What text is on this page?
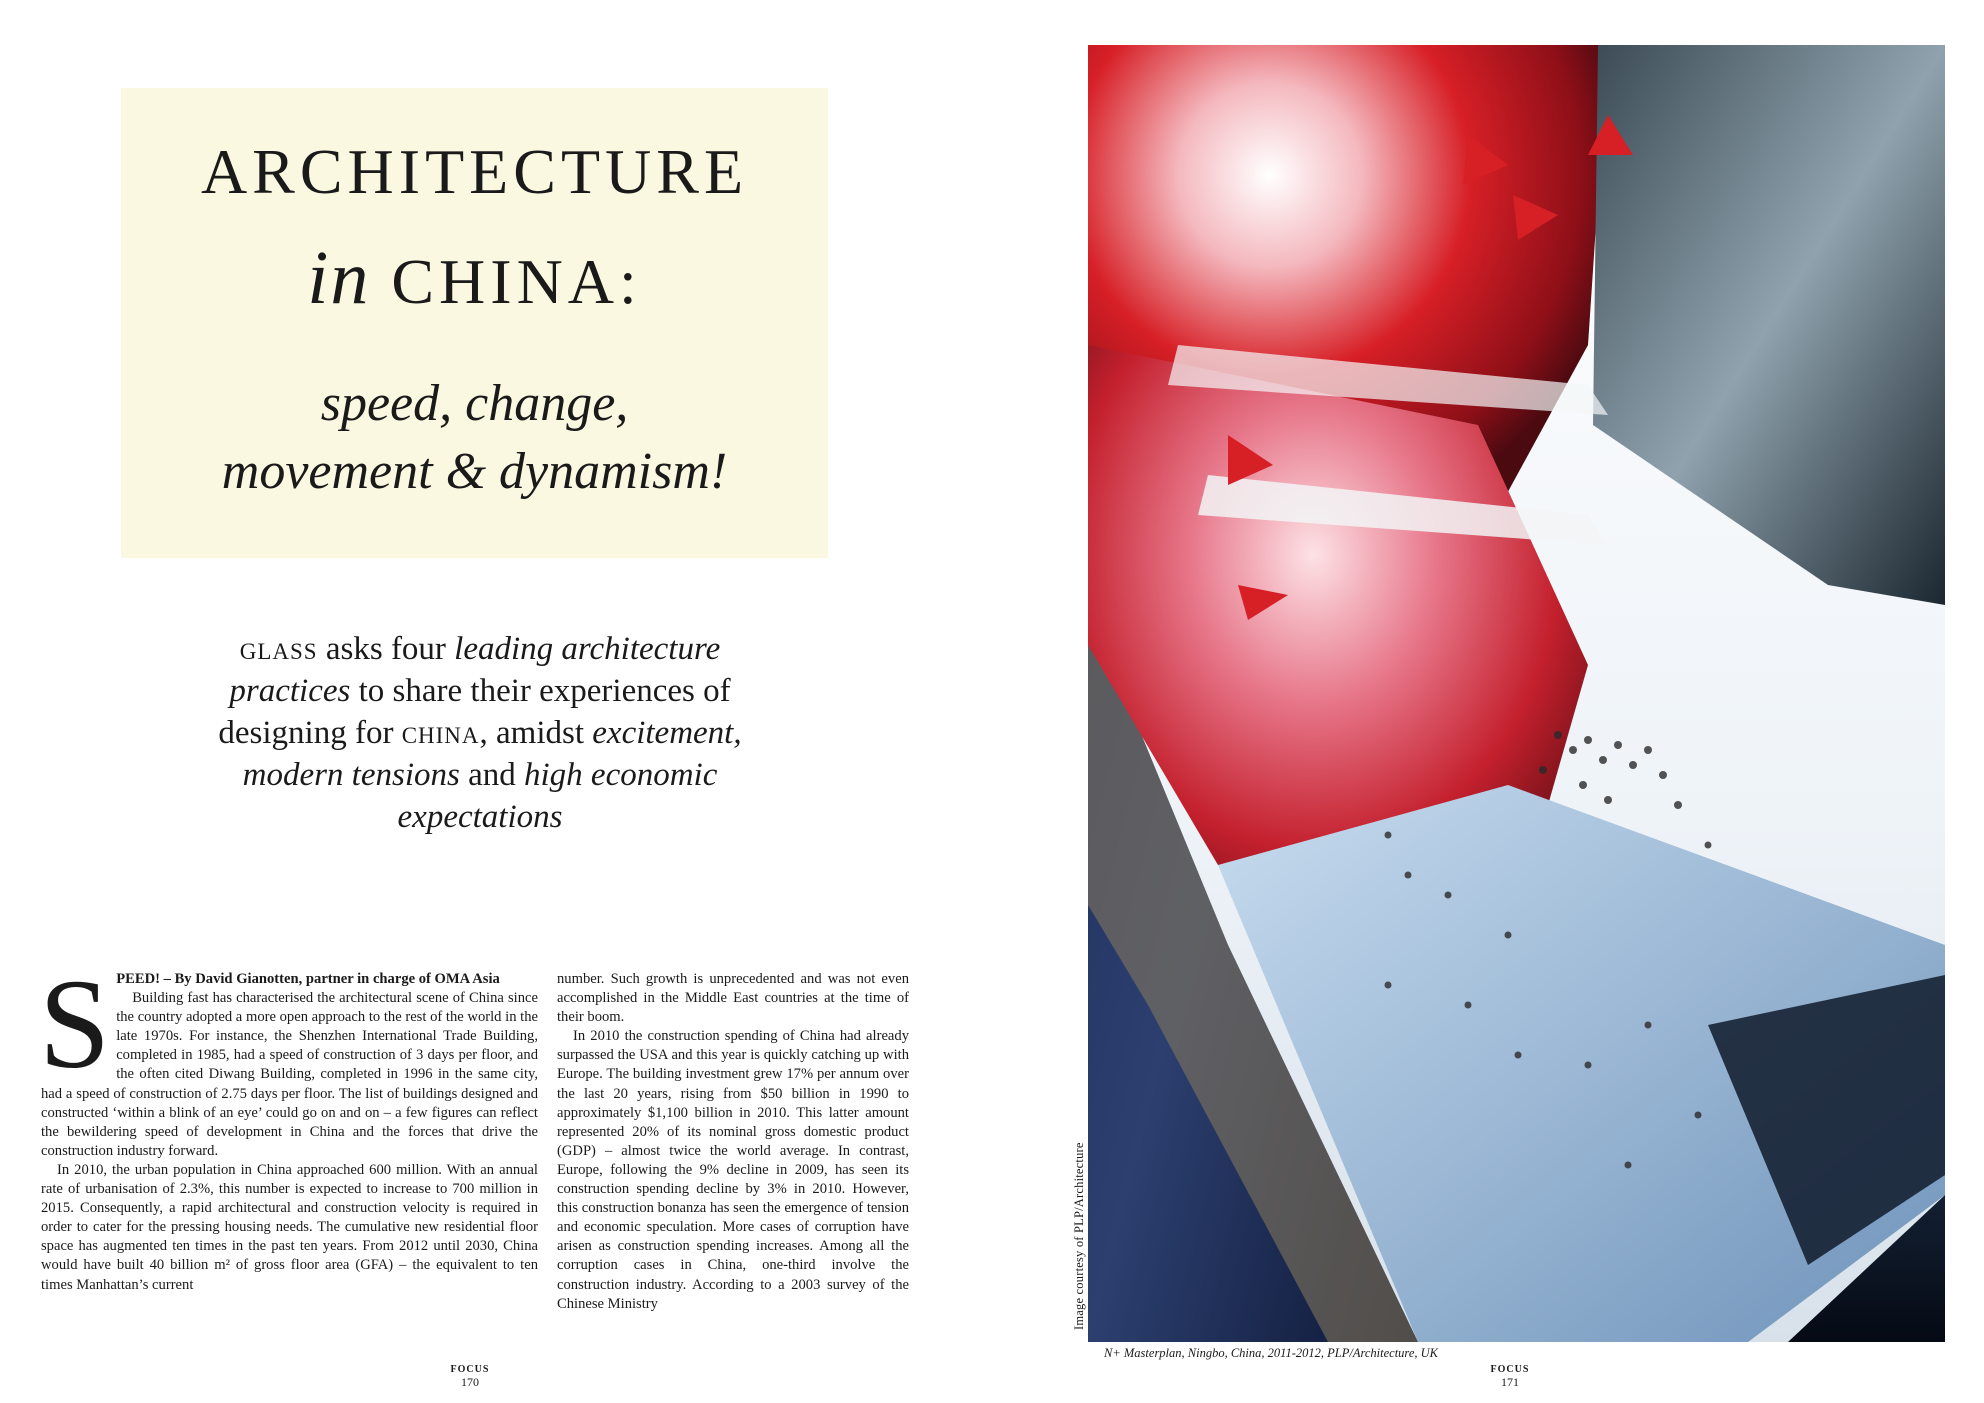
ARCHITECTURE
in CHINA:
speed, change,
movement & dynamism!
glass asks four leading architecture practices to share their experiences of designing for china, amidst excitement, modern tensions and high economic expectations
S PEED! – By David Gianotten, partner in charge of OMA Asia

Building fast has characterised the architectural scene of China since the country adopted a more open approach to the rest of the world in the late 1970s. For instance, the Shenzhen International Trade Building, completed in 1985, had a speed of construction of 3 days per floor, and the often cited Diwang Building, completed in 1996 in the same city, had a speed of construction of 2.75 days per floor. The list of buildings designed and constructed ‘within a blink of an eye’ could go on and on – a few figures can reflect the bewildering speed of development in China and the forces that drive the construction industry forward.

In 2010, the urban population in China approached 600 million. With an annual rate of urbanisation of 2.3%, this number is expected to increase to 700 million in 2015. Consequently, a rapid architectural and construction velocity is required in order to cater for the pressing housing needs. The cumulative new residential floor space has augmented ten times in the past ten years. From 2012 until 2030, China would have built 40 billion m² of gross floor area (GFA) – the equivalent to ten times Manhattan’s current

number. Such growth is unprecedented and was not even accomplished in the Middle East countries at the time of their boom.

In 2010 the construction spending of China had already surpassed the USA and this year is quickly catching up with Europe. The building investment grew 17% per annum over the last 20 years, rising from $50 billion in 1990 to approximately $1,100 billion in 2010. This latter amount represented 20% of its nominal gross domestic product (GDP) – almost twice the world average. In contrast, Europe, following the 9% decline in 2009, has seen its construction spending decline by 3% in 2010. However, this construction bonanza has seen the emergence of tension and economic speculation. More cases of corruption have arisen as construction spending increases. Among all the corruption cases in China, one-third involve the construction industry. According to a 2003 survey of the Chinese Ministry

FOCUS
170
Image courtesy of PLP/Architecture
N+ Masterplan, Ningbo, China, 2011-2012, PLP/Architecture, UK
FOCUS
171
